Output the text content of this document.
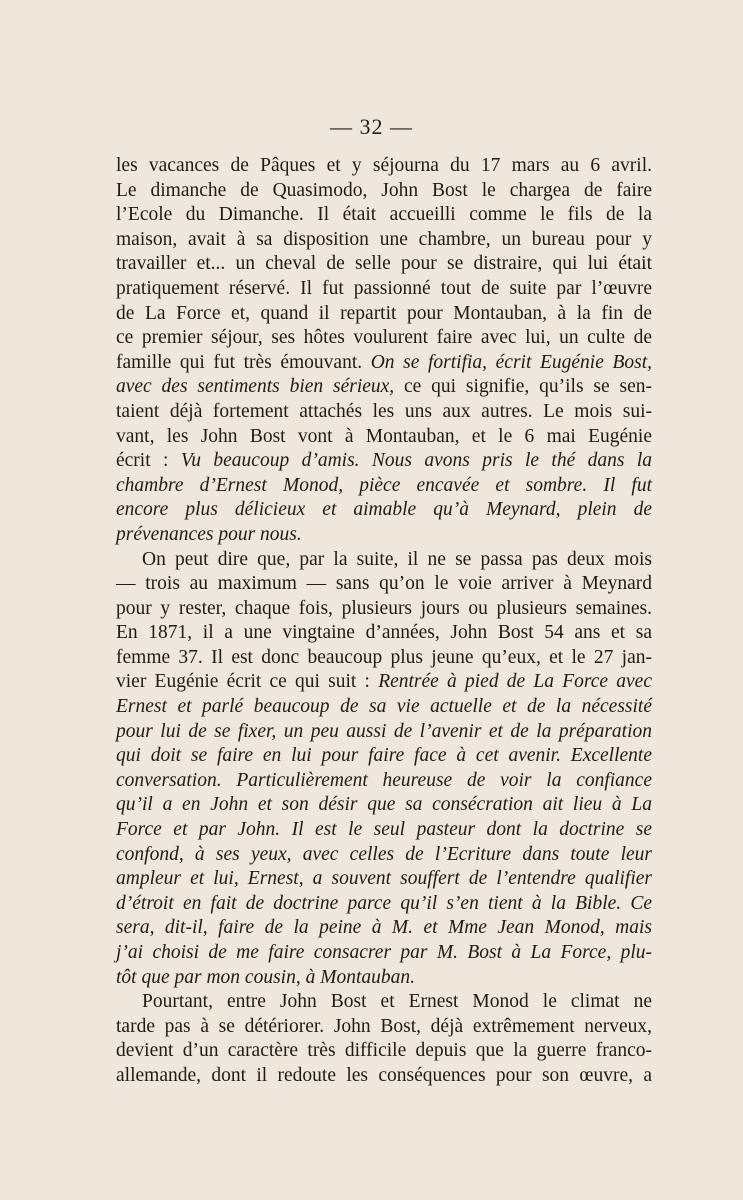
— 32 —
les vacances de Pâques et y séjourna du 17 mars au 6 avril.
Le dimanche de Quasimodo, John Bost le chargea de faire
l’Ecole du Dimanche. Il était accueilli comme le fils de la
maison, avait à sa disposition une chambre, un bureau pour y
travailler et... un cheval de selle pour se distraire, qui lui était
pratiquement réservé. Il fut passionné tout de suite par l’œuvre
de La Force et, quand il repartit pour Montauban, à la fin de
ce premier séjour, ses hôtes voulurent faire avec lui, un culte de
famille qui fut très émouvant. On se fortifia, écrit Eugénie Bost,
avec des sentiments bien sérieux, ce qui signifie, qu’ils se sen-
taient déjà fortement attachés les uns aux autres. Le mois sui-
vant, les John Bost vont à Montauban, et le 6 mai Eugénie
écrit : Vu beaucoup d’amis. Nous avons pris le thé dans la
chambre d’Ernest Monod, pièce encavée et sombre. Il fut
encore plus délicieux et aimable qu’à Meynard, plein de
prévenances pour nous.
On peut dire que, par la suite, il ne se passa pas deux mois
— trois au maximum — sans qu’on le voie arriver à Meynard
pour y rester, chaque fois, plusieurs jours ou plusieurs semaines.
En 1871, il a une vingtaine d’années, John Bost 54 ans et sa
femme 37. Il est donc beaucoup plus jeune qu’eux, et le 27 jan-
vier Eugénie écrit ce qui suit : Rentrée à pied de La Force avec
Ernest et parlé beaucoup de sa vie actuelle et de la nécessité
pour lui de se fixer, un peu aussi de l’avenir et de la préparation
qui doit se faire en lui pour faire face à cet avenir. Excellente
conversation. Particulièrement heureuse de voir la confiance
qu’il a en John et son désir que sa consécration ait lieu à La
Force et par John. Il est le seul pasteur dont la doctrine se
confond, à ses yeux, avec celles de l’Ecriture dans toute leur
ampleur et lui, Ernest, a souvent souffert de l’entendre qualifier
d’étroit en fait de doctrine parce qu’il s’en tient à la Bible. Ce
sera, dit-il, faire de la peine à M. et Mme Jean Monod, mais
j’ai choisi de me faire consacrer par M. Bost à La Force, plu-
tôt que par mon cousin, à Montauban.
Pourtant, entre John Bost et Ernest Monod le climat ne
tarde pas à se détériorer. John Bost, déjà extrêmement nerveux,
devient d’un caractère très difficile depuis que la guerre franco-
allemande, dont il redoute les conséquences pour son œuvre, a
